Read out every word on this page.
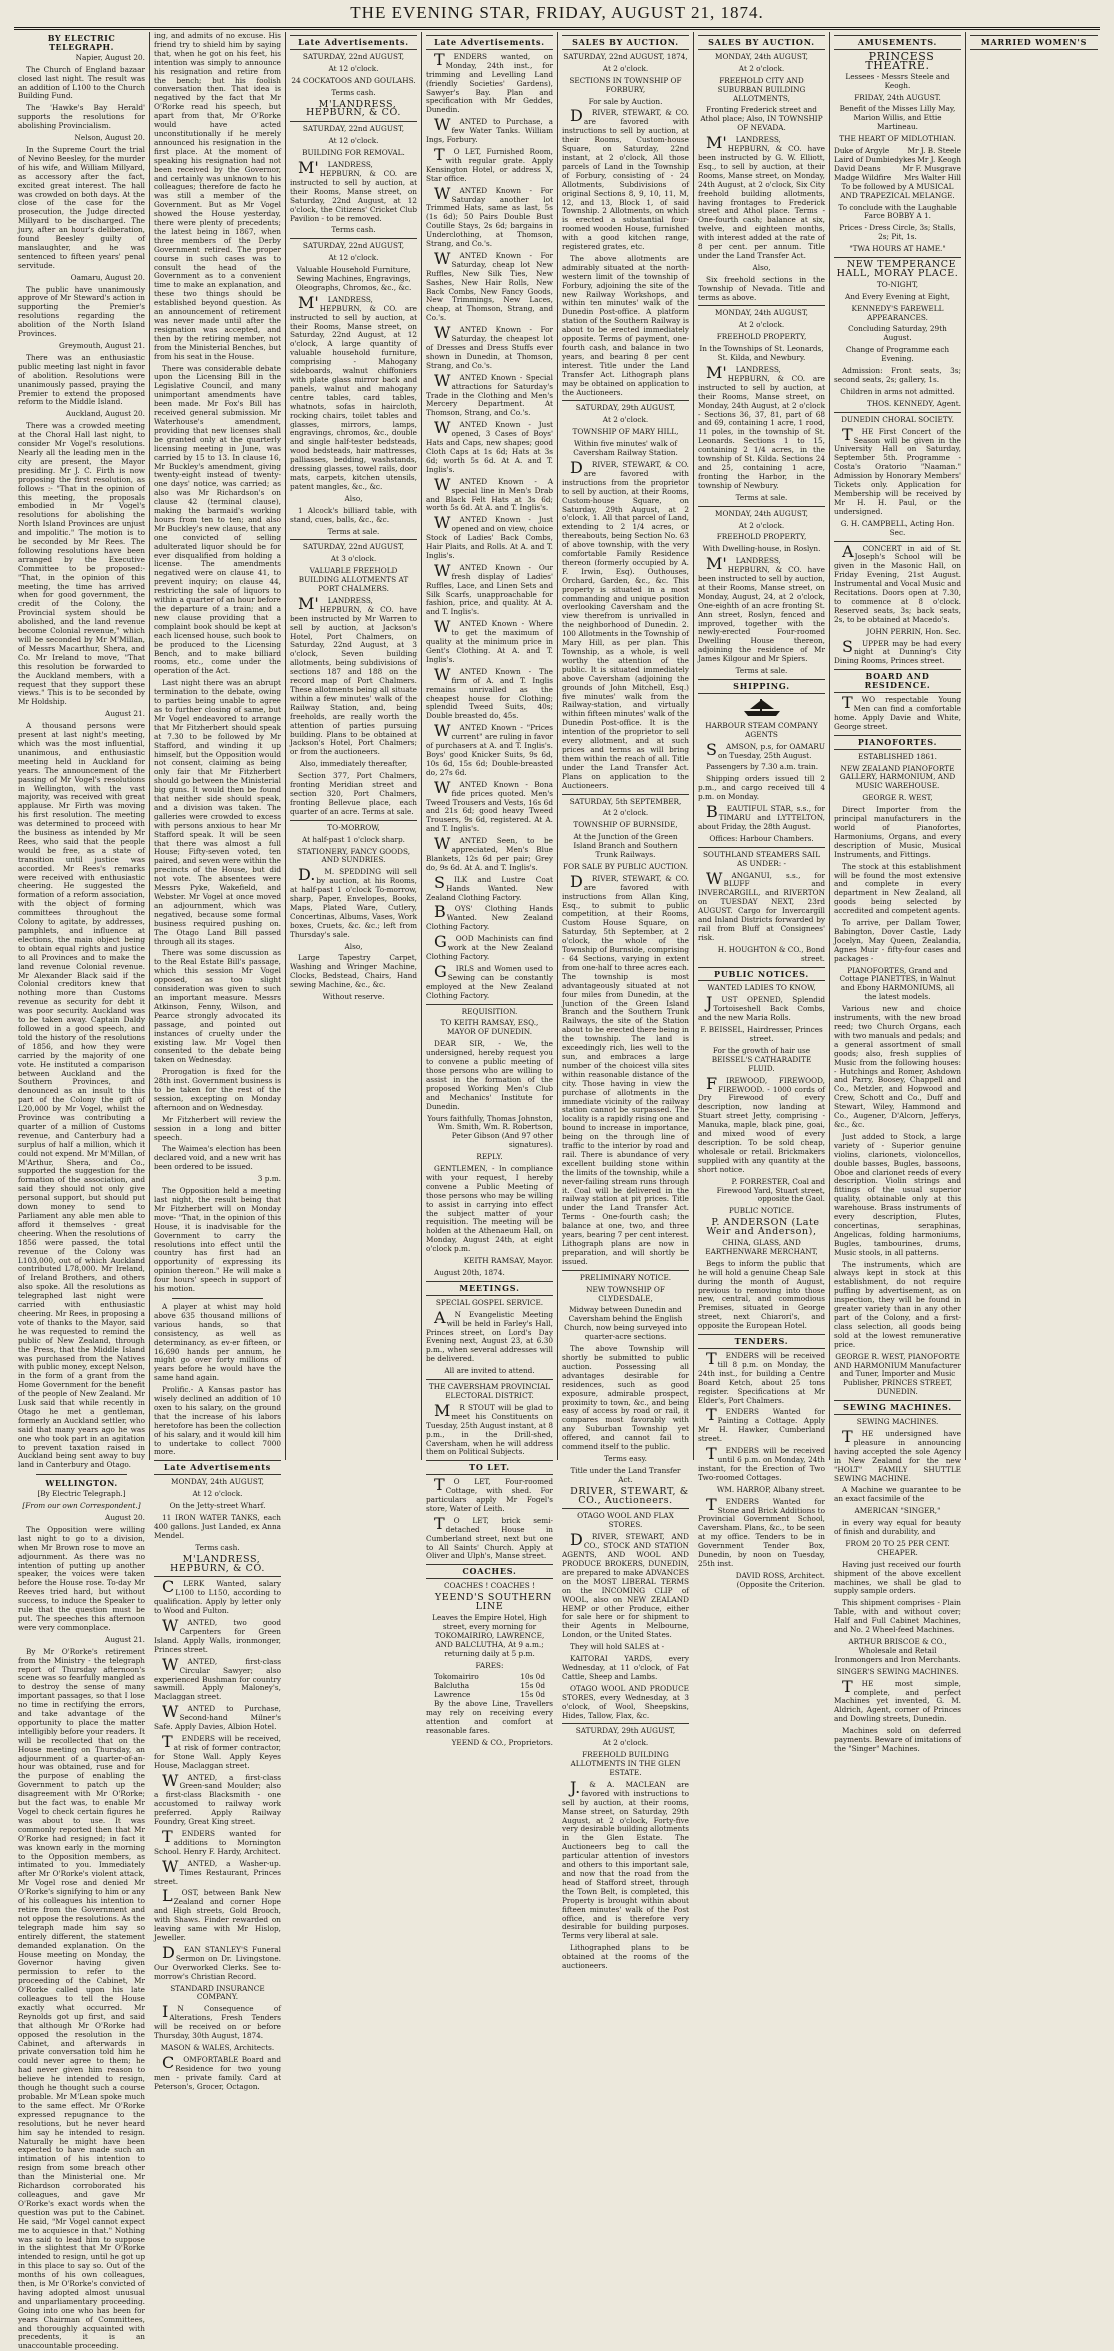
THE EVENING STAR, FRIDAY, AUGUST 21, 1874.
BY ELECTRIC TELEGRAPH.

Napier, August 20.

The Church of England bazaar closed last night. The result was an addition of L100 to the Church Building Fund.

The 'Hawke's Bay Herald' supports the resolutions for abolishing Provincialism.

Nelson, August 20.

In the Supreme Court the trial of Nevino Beesley, for the murder of his wife, and William Millyard, as accessory after the fact, excited great interest. The hall was crowded on both days. At the close of the case for the prosecution, the Judge directed Millyard to be discharged. The jury, after an hour's deliberation, found Beesley guilty of manslaughter, and he was sentenced to fifteen years' penal servitude.

Oamaru, August 20.

The public have unanimously approve of Mr Steward's action in supporting the Premier's resolutions regarding the abolition of the North Island Provinces.

Greymouth, August 21.

There was an enthusiastic public meeting last night in favor of abolition. Resolutions were unanimously passed, praying the Premier to extend the proposed reform to the Middle Island.

Auckland, August 20.

There was a crowded meeting at the Choral Hall last night, to consider Mr Vogel's resolutions. Nearly all the leading men in the city are present, the Mayor presiding. Mr J. C. Firth is now proposing the first resolution, as follows :- "That in the opinion of this meeting, the proposals embodied in Mr Vogel's resolutions for abolishing the North Island Provinces are unjust and impolitic." The motion is to be seconded by Mr Rees. The following resolutions have been arranged by the Executive Committee to be proposed:- "That, in the opinion of this meeting, the time has arrived when for good government, the credit of the Colony, the Provincial system should be abolished, and the land revenue become Colonial revenue," which will be seconded by Mr M'Millan, of Messrs Macarthur, Shera, and Co. Mr Ireland to move, "That this resolution be forwarded to the Auckland members, with a request that they support these views." This is to be seconded by Mr Holdship.

August 21.

A thousand persons were present at last night's meeting, which was the most influential, unanimous, and enthusiastic meeting held in Auckland for years. The announcement of the passing of Mr Vogel's resolutions in Wellington, with the vast majority, was received with great applause. Mr Firth was moving his first resolution. The meeting was determined to proceed with the business as intended by Mr Rees, who said that the people would be free, as a state of transition until justice was accorded. Mr Rees's remarks were received with enthusiastic cheering. He suggested the formation of a reform association, with the object of forming committees throughout the Colony to agitate, by addresses, pamphlets, and influence at elections, the main object being to obtain equal rights and justice to all Provinces and to make the land revenue Colonial revenue. Mr Alexander Black said if the Colonial creditors knew that nothing more than Customs revenue as security for debt it was poor security. Auckland was to be taken away. Captain Daldy followed in a good speech, and told the history of the resolutions of 1856, and how they were carried by the majority of one vote. He instituted a comparison between Auckland and the Southern Provinces, and denounced as an insult to this part of the Colony the gift of L20,000 by Mr Vogel, whilst the Province was contributing a quarter of a million of Customs revenue, and Canterbury had a surplus of half a million, which it could not expend. Mr M'Millan, of M'Arthur, Shera, and Co., supported the suggestion for the formation of the association, and said they should not only give personal support, but should put down money to send to Parliament any able men able to afford it themselves - great cheering. When the resolutions of 1856 were passed, the total revenue of the Colony was L103,000, out of which Auckland contributed L78,000. Mr Ireland, of Ireland Brothers, and others also spoke. All the resolutions as telegraphed last night were carried with enthusiastic cheering. Mr Rees, in proposing a vote of thanks to the Mayor, said he was requested to remind the public of New Zealand, through the Press, that the Middle Island was purchased from the Natives with public money, except Nelson, in the form of a grant from the Home Government for the benefit of the people of New Zealand. Mr Lusk said that while recently in Otago he met a gentleman, formerly an Auckland settler, who said that many years ago he was one who took part in an agitation to prevent taxation raised in Auckland being sent away to buy land in Canterbury and Otago.

WELLINGTON.

[By Electric Telegraph.]

[From our own Correspondent.]

August 20.

The Opposition were willing last night to go to a division, when Mr Brown rose to move an adjournment. As there was no intention of putting up another speaker, the voices were taken before the House rose. To-day Mr Reeves tried hard, but without success, to induce the Speaker to rule that the question must be put. The speeches this afternoon were very commonplace.

August 21.

By Mr O'Rorke's retirement from the Ministry - the telegraph report of Thursday afternoon's scene was so fearfully mangled as to destroy the sense of many important passages, so that I lose no time in rectifying the errors, and take advantage of the opportunity to place the matter intelligibly before your readers. It will be recollected that on the House meeting on Thursday, an adjournment of a quarter-of-an-hour was obtained, ruse and for the purpose of enabling the Government to patch up the disagreement with Mr O'Rorke; but the fact was, to enable Mr Vogel to check certain figures he was about to use. It was commonly reported then that Mr O'Rorke had resigned; in fact it was known early in the morning to the Opposition members, as intimated to you. Immediately after Mr O'Rorke's violent attack, Mr Vogel rose and denied Mr O'Rorke's signifying to him or any of his colleagues his intention to retire from the Government and not oppose the resolutions. As the telegraph made him say so entirely different, the statement demanded explanation. On the House meeting on Monday, the Governor having given permission to refer to the proceeding of the Cabinet, Mr O'Rorke called upon his late colleagues to tell the House exactly what occurred. Mr Reynolds got up first, and said that although Mr O'Rorke had opposed the resolution in the Cabinet, and afterwards in private conversation told him he could never agree to them; he had never given him reason to believe he intended to resign, though he thought such a course probable. Mr M'Lean spoke much to the same effect. Mr O'Rorke expressed repugnance to the resolutions, but he never heard him say he intended to resign. Naturally he might have been expected to have made such an intimation of his intention to resign from some breach other than the Ministerial one. Mr Richardson corroborated his colleagues, and gave Mr O'Rorke's exact words when the question was put to the Cabinet. He said, "Mr Vogel cannot expect me to acquiesce in that." Nothing was said to lead him to suppose in the slightest that Mr O'Rorke intended to resign, until he got up in this place to say so. Out of the months of his own colleagues, then, is Mr O'Rorke's convicted of having adopted almost unusual and unparliamentary proceeding. Going into one who has been for years Chairman of Committees, and thoroughly acquainted with precedents, it is an unaccountable proceeding.

ing, and admits of no excuse. His friend try to shield him by saying that, when he got on his feet, his intention was simply to announce his resignation and retire from the bench; but his foolish conversation then. That idea is negatived by the fact that Mr O'Rorke read his speech, but apart from that, Mr O'Rorke would have acted unconstitutionally if he merely announced his resignation in the first place. At the moment of speaking his resignation had not been received by the Governor, and certainly was unknown to his colleagues; therefore de facto he was still a member of the Government. But as Mr Vogel showed the House yesterday, there were plenty of precedents; the latest being in 1867, when three members of the Derby Government retired. The proper course in such cases was to consult the head of the Government as to a convenient time to make an explanation, and these two things should be established beyond question. As an announcement of retirement was never made until after the resignation was accepted, and then by the retiring member, not from the Ministerial Benches, but from his seat in the House.

There was considerable debate upon the Licensing Bill in the Legislative Council, and many unimportant amendments have been made. Mr Fox's Bill has received general submission. Mr Waterhouse's amendment, providing that new licenses shall be granted only at the quarterly licensing meeting in June, was carried by 15 to 13. In clause 16, Mr Buckley's amendment, giving twenty-eight instead of twenty-one days' notice, was carried; as also was Mr Richardson's on clause 42 (terminal clause), making the barmaid's working hours from ten to ten; and also Mr Buckley's new clause, that any one convicted of selling adulterated liquor should be for ever disqualified from holding a license. The amendments negatived were on clause 41, to prevent inquiry; on clause 44, restricting the sale of liquors to within a quarter of an hour before the departure of a train; and a new clause providing that a complaint book should be kept at each licensed house, such book to be produced to the Licensing Bench, and to make billiard rooms, etc., come under the operation of the Act.

Last night there was an abrupt termination to the debate, owing to parties being unable to agree as to further closing of same, but Mr Vogel endeavored to arrange that Mr Fitzherbert should speak at 7.30 to be followed by Mr Stafford, and winding it up himself, but the Opposition would not consent, claiming as being only fair that Mr Fitzherbert should go between the Ministerial big guns. It would then be found that neither side should speak, and a division was taken. The galleries were crowded to excess with persons anxious to hear Mr Stafford speak. It will be seen that there was almost a full House; Fifty-seven voted, ten paired, and seven were within the precincts of the House, but did not vote. The absentees were Messrs Pyke, Wakefield, and Webster. Mr Vogel at once moved an adjournment, which was negatived, because some formal business required pushing on. The Otago Land Bill passed through all its stages.

There was some discussion as to the Real Estate Bill's passage, which this session Mr Vogel opposed, as too slight consideration was given to such an important measure. Messrs Atkinson, Fenny, Wilson, and Pearce strongly advocated its passage, and pointed out instances of cruelty under the existing law. Mr Vogel then consented to the debate being taken on Wednesday.

Prorogation is fixed for the 28th inst. Government business is to be taken for the rest of the session, excepting on Monday afternoon and on Wednesday.

Mr Fitzherbert will review the session in a long and bitter speech.

The Waimea's election has been declared void, and a new writ has been ordered to be issued.

3 p.m.

The Opposition held a meeting last night, the result being that Mr Fitzherbert will on Monday move- "That, in the opinion of this House, it is inadvisable for the Government to carry the resolutions into effect until the country has first had an opportunity of expressing its opinion thereon." He will make a four hours' speech in support of his motion.

A player at whist may hold above 635 thousand millions of various hands, so that consistency, as well as determinancy, as ev-er fifteen, or 16,690 hands per annum, he might go over forty millions of years before he would have the same hand again.

Prolific.- A Kansas pastor has wisely declined an addition of 10 oxen to his salary, on the ground that the increase of his labors heretofore has been the collection of his salary, and it would kill him to undertake to collect 7000 more.

Late Advertisements

MONDAY, 24th AUGUST,

At 12 o'clock.

On the Jetty-street Wharf.

11 IRON WATER TANKS, each 400 gallons. Just Landed, ex Anna Mendel.

Terms cash.

M'LANDRESS, HEPBURN, & CO.

CLERK Wanted, salary L100 to L150, according to qualification. Apply by letter only to Wood and Fulton.

WANTED, two good Carpenters for Green Island. Apply Walls, ironmonger, Princes street.

WANTED, first-class Circular Sawyer; also experienced Bushman for country sawmill. Apply Maloney's, Maclaggan street.

WANTED to Purchase, Second-hand Milner's Safe. Apply Davies, Albion Hotel.

TENDERS will be received, at risk of former contractor, for Stone Wall. Apply Keyes House, Maclaggan street.

WANTED, a first-class Green-sand Moulder; also a first-class Blacksmith - one accustomed to railway work preferred. Apply Railway Foundry, Great King street.

TENDERS wanted for additions to Mornington School. Henry F. Hardy, Architect.

WANTED, a Washer-up. Times Restaurant, Princes street.

LOST, between Bank New Zealand and corner Hope and High streets, Gold Brooch, with Shaws. Finder rewarded on leaving same with Mr Hislop, Jeweller.

DEAN STANLEY'S Funeral Sermon on Dr. Livingstone. Our Overworked Clerks. See to-morrow's Christian Record.

STANDARD INSURANCE COMPANY.

IN Consequence of Alterations, Fresh Tenders will be received on or before Thursday, 30th August, 1874.

MASON & WALES, Architects.

COMFORTABLE Board and Residence for two young men - private family. Card at Peterson's, Grocer, Octagon.

Late Advertisements.

SATURDAY, 22nd AUGUST,

At 12 o'clock.

24 COCKATOOS AND GOULAHS.

Terms cash.

M'LANDRESS, HEPBURN, & CO.

SATURDAY, 22nd AUGUST,

At 12 o'clock.

BUILDING FOR REMOVAL.

M'LANDRESS, HEPBURN, & CO. are instructed to sell by auction, at their Rooms, Manse street, on Saturday, 22nd August, at 12 o'clock, the Citizens' Cricket Club Pavilion - to be removed.

Terms cash.

SATURDAY, 22nd AUGUST,

At 12 o'clock.

Valuable Household Furniture, Sewing Machines, Engravings, Oleographs, Chromos, &c., &c.

M'LANDRESS, HEPBURN, & CO. are instructed to sell by auction, at their Rooms, Manse street, on Saturday, 22nd August, at 12 o'clock, A large quantity of valuable household furniture, comprising - Mahogany sideboards, walnut chiffoniers with plate glass mirror back and panels, walnut and mahogany centre tables, card tables, whatnots, sofas in haircloth, rocking chairs, toilet tables and glasses, mirrors, lamps, engravings, chromos, &c., double and single half-tester bedsteads, wood bedsteads, hair mattresses, palliasses, bedding, washstands, dressing glasses, towel rails, door mats, carpets, kitchen utensils, patent mangles, &c., &c.

Also,

1 Alcock's billiard table, with stand, cues, balls, &c., &c.

Terms at sale.

SATURDAY, 22nd AUGUST,

At 3 o'clock.

VALUABLE FREEHOLD BUILDING ALLOTMENTS AT PORT CHALMERS.

M'LANDRESS, HEPBURN, & CO. have been instructed by Mr Warren to sell by auction, at Jackson's Hotel, Port Chalmers, on Saturday, 22nd August, at 3 o'clock, Seven building allotments, being subdivisions of sections 187 and 188 on the record map of Port Chalmers. These allotments being all situate within a few minutes' walk of the Railway Station, and, being freeholds, are really worth the attention of parties pursuing building. Plans to be obtained at Jackson's Hotel, Port Chalmers; or from the auctioneers.

Also, immediately thereafter,

Section 377, Port Chalmers, fronting Meridian street and section 320, Port Chalmers, fronting Bellevue place, each quarter of an acre. Terms at sale.

TO-MORROW,

At half-past 1 o'clock sharp.

STATIONERY, FANCY GOODS, AND SUNDRIES.

D.M. SPEDDING will sell by auction, at his Rooms, at half-past 1 o'clock To-morrow, sharp, Paper, Envelopes, Books, Maps, Plated Ware, Cutlery, Concertinas, Albums, Vases, Work boxes, Cruets, &c. &c.; left from Thursday's sale.

Also,

Large Tapestry Carpet, Washing and Wringer Machine, Clocks, Bedstead, Chairs, Hand sewing Machine, &c., &c.

Without reserve.

Late Advertisements.

TENDERS wanted, on Monday, 24th inst., for trimming and Levelling Land (friendly Societies' Gardens), Sawyer's Bay. Plan and specification with Mr Geddes, Dunedin.

WANTED to Purchase, a few Water Tanks. William Ings, Forbury.

TO LET, Furnished Room, with regular grate. Apply Kensington Hotel, or address X, Star office.

WANTED Known - For Saturday another lot Trimmed Hats, same as last, 5s (1s 6d); 50 Pairs Double Bust Coutille Stays, 2s 6d; bargains in Underclothing, at Thomson, Strang, and Co.'s.

WANTED Known - For Saturday, cheap lot New Ruffles, New Silk Ties, New Sashes, New Hair Rolls, New Back Combs, New Fancy Goods, New Trimmings, New Laces, cheap, at Thomson, Strang, and Co.'s.

WANTED Known - For Saturday, the cheapest lot of Dresses and Dress Stuffs ever shown in Dunedin, at Thomson, Strang, and Co.'s.

WANTED Known - Special attractions for Saturday's Trade in the Clothing and Men's Mercery Department. At Thomson, Strang, and Co.'s.

WANTED Known - Just opened, 3 Cases of Boys' Hats and Caps, new shapes; good Cloth Caps at 1s 6d; Hats at 3s 6d; worth 5s 6d. At A. and T. Inglis's.

WANTED Known - A special line in Men's Drab and Black Felt Hats at 3s 6d; worth 5s 6d. At A. and T. Inglis's.

WANTED Known - Just opened and on view, choice Stock of Ladies' Back Combs, Hair Plaits, and Rolls. At A. and T. Inglis's.

WANTED Known - Our fresh display of Ladies' Ruffles, Lace, and Linen Sets and Silk Scarfs, unapproachable for fashion, price, and quality. At A. and T. Inglis's.

WANTED Known - Where to get the maximum of quality at the minimum price in Gent's Clothing. At A. and T. Inglis's.

WANTED Known - The firm of A. and T. Inglis remains unrivalled as the cheapest house for Clothing; splendid Tweed Suits, 40s; Double breasted do, 45s.

WANTED Known - "Prices current" are ruling in favor of purchasers at A. and T. Inglis's. Boys' good Knicker Suits, 9s 6d, 10s 6d, 15s 6d; Double-breasted do, 27s 6d.

WANTED Known - Bona fide prices quoted. Men's Tweed Trousers and Vests, 16s 6d and 21s 6d; good heavy Tweed Trousers, 9s 6d, registered. At A. and T. Inglis's.

WANTED Seen, to be appreciated, Men's Blue Blankets, 12s 6d per pair; Grey do, 9s 6d. At A. and T. Inglis's.

SILK and Lustre Coat Hands Wanted. New Zealand Clothing Factory.

BOYS' Clothing Hands Wanted. New Zealand Clothing Factory.

GOOD Machinists can find work at the New Zealand Clothing Factory.

GIRLS and Women used to Sewing can be constantly employed at the New Zealand Clothing Factory.

REQUISITION.

TO KEITH RAMSAY, ESQ., MAYOR OF DUNEDIN.

DEAR SIR, - We, the undersigned, hereby request you to convene a public meeting of those persons who are willing to assist in the formation of the proposed Working Men's Club and Mechanics' Institute for Dunedin.

Yours faithfully, Thomas Johnston, Wm. Smith, Wm. R. Robertson, Peter Gibson (And 97 other signatures).

REPLY.

GENTLEMEN, - In compliance with your request, I hereby convene a Public Meeting of those persons who may be willing to assist in carrying into effect the subject matter of your requisition. The meeting will be holden at the Athenaeum Hall, on Monday, August 24th, at eight o'clock p.m.

KEITH RAMSAY, Mayor.

August 20th, 1874.

MEETINGS.

SPECIAL GOSPEL SERVICE.

AN Evangelistic Meeting will be held in Farley's Hall, Princes street, on Lord's Day Evening next, August 23, at 6.30 p.m., when several addresses will be delivered.

All are invited to attend.

THE CAVERSHAM PROVINCIAL ELECTORAL DISTRICT.

MR STOUT will be glad to meet his Constituents on Tuesday, 25th August instant, at 8 p.m., in the Drill-shed, Caversham, when he will address them on Political Subjects.

TO LET.

TO LET, Four-roomed Cottage, with shed. For particulars apply Mr Fogel's store, Water of Leith.

TO LET, brick semi-detached House in Cumberland street, next but one to All Saints' Church. Apply at Oliver and Ulph's, Manse street.

COACHES.

COACHES ! COACHES !

YEEND'S SOUTHERN LINE

Leaves the Empire Hotel, High street, every morning for TOKOMAIRIRO, LAWRENCE, AND BALCLUTHA, At 9 a.m.; returning daily at 5 p.m.

FARES:

Tokomairiro	10s 0d
Balclutha	15s 0d
Lawrence	15s 0d

By the above Line, Travellers may rely on receiving every attention and comfort at reasonable fares.

YEEND & CO., Proprietors.

SALES BY AUCTION.

SATURDAY, 22nd AUGUST, 1874,

At 2 o'clock.

SECTIONS IN TOWNSHIP OF FORBURY,

For sale by Auction.

DRIVER, STEWART, & CO. are favored with instructions to sell by auction, at their Rooms, Custom-house Square, on Saturday, 22nd instant, at 2 o'clock, All those parcels of Land in the Township of Forbury, consisting of - 24 Allotments, Subdivisions of original Sections 8, 9, 10, 11, M, 12, and 13, Block 1, of said Township. 2 Allotments, on which is erected a substantial four-roomed wooden House, furnished with a good kitchen range, registered grates, etc.

The above allotments are admirably situated at the north-western limit of the township of Forbury, adjoining the site of the new Railway Workshops, and within ten minutes' walk of the Dunedin Post-office. A platform station of the Southern Railway is about to be erected immediately opposite. Terms of payment, one-fourth cash, and balance in two years, and bearing 8 per cent interest. Title under the Land Transfer Act. Lithograph plans may be obtained on application to the Auctioneers.

SATURDAY, 29th AUGUST,

At 2 o'clock.

TOWNSHIP OF MARY HILL,

Within five minutes' walk of Caversham Railway Station.

DRIVER, STEWART, & CO. are favored with instructions from the proprietor to sell by auction, at their Rooms, Custom-house Square, on Saturday, 29th August, at 2 o'clock, 1. All that parcel of Land, extending to 2 1/4 acres, or thereabouts, being Section No. 63 of above township, with the very comfortable Family Residence thereon (formerly occupied by A. F. Irwin, Esq). Outhouses, Orchard, Garden, &c., &c. This property is situated in a most commanding and unique position overlooking Caversham and the view therefrom is unrivalled in the neighborhood of Dunedin. 2. 100 Allotments in the Township of Mary Hill, as per plan. This Township, as a whole, is well worthy the attention of the public. It is situated immediately above Caversham (adjoining the grounds of John Mitchell, Esq.) five minutes' walk from the Railway-station, and virtually within fifteen minutes' walk of the Dunedin Post-office. It is the intention of the proprietor to sell every allotment, and at such prices and terms as will bring them within the reach of all. Title under the Land Transfer Act. Plans on application to the Auctioneers.

SATURDAY, 5th SEPTEMBER,

At 2 o'clock.

TOWNSHIP OF BURNSIDE,

At the Junction of the Green Island Branch and Southern Trunk Railways.

FOR SALE BY PUBLIC AUCTION.

DRIVER, STEWART, & CO. are favored with instructions from Allan King, Esq., to submit to public competition, at their Rooms, Custom House Square, on Saturday, 5th September, at 2 o'clock, the whole of the Township of Burnside, comprising - 64 Sections, varying in extent from one-half to three acres each. The township is most advantageously situated at not four miles from Dunedin, at the Junction of the Green Island Branch and the Southern Trunk Railways, the site of the Station about to be erected there being in the township. The land is exceedingly rich, lies well to the sun, and embraces a large number of the choicest villa sites within reasonable distance of the city. Those having in view the purchase of allotments in the immediate vicinity of the railway station cannot be surpassed. The locality is a rapidly rising one and bound to increase in importance, being on the through line of traffic to the interior by road and rail. There is abundance of very excellent building stone within the limits of the township, while a never-failing stream runs through it. Coal will be delivered in the railway station at pit prices. Title under the Land Transfer Act. Terms - One-fourth cash; the balance at one, two, and three years, bearing 7 per cent interest. Lithograph plans are now in preparation, and will shortly be issued.

PRELIMINARY NOTICE.

NEW TOWNSHIP OF CLYDESDALE,

Midway between Dunedin and Caversham behind the English Church, now being surveyed into quarter-acre sections.

The above Township will shortly be submitted to public auction. Possessing all advantages desirable for residences, such as good exposure, admirable prospect, proximity to town, &c., and being easy of access by road or rail, it compares most favorably with any Suburban Township yet offered, and cannot fail to commend itself to the public.

Terms easy.

Title under the Land Transfer Act.

DRIVER, STEWART, & CO., Auctioneers.

OTAGO WOOL AND FLAX STORES.

DRIVER, STEWART, AND CO., STOCK AND STATION AGENTS, AND WOOL AND PRODUCE BROKERS, DUNEDIN, are prepared to make ADVANCES on the MOST LIBERAL TERMS on the INCOMING CLIP of WOOL, also on NEW ZEALAND HEMP or other Produce, either for sale here or for shipment to their Agents in Melbourne, London, or the United States.

They will hold SALES at -

KAITORAI YARDS, every Wednesday, at 11 o'clock, of Fat Cattle, Sheep and Lambs.

OTAGO WOOL AND PRODUCE STORES, every Wednesday, at 3 o'clock, of Wool, Sheepskins, Hides, Tallow, Flax, &c.

SATURDAY, 29th AUGUST,

At 2 o'clock.

FREEHOLD BUILDING ALLOTMENTS IN THE GLEN ESTATE.

J.& A. MACLEAN are favored with instructions to sell by auction, at their rooms, Manse street, on Saturday, 29th August, at 2 o'clock, Forty-five very desirable building allotments in the Glen Estate. The Auctioneers beg to call the particular attention of investors and others to this important sale, and now that the road from the head of Stafford street, through the Town Belt, is completed, this Property is brought within about fifteen minutes' walk of the Post office, and is therefore very desirable for building purposes. Terms very liberal at sale.

Lithographed plans to be obtained at the rooms of the auctioneers.

SALES BY AUCTION.

MONDAY, 24th AUGUST,

At 2 o'clock.

FREEHOLD CITY AND SUBURBAN BUILDING ALLOTMENTS,

Fronting Frederick street and Athol place; Also, IN TOWNSHIP OF NEVADA.

M'LANDRESS, HEPBURN, & CO. have been instructed by G. W. Elliott, Esq., to sell by auction, at their Rooms, Manse street, on Monday, 24th August, at 2 o'clock, Six City freehold building allotments, having frontages to Frederick street and Athol place. Terms - One-fourth cash; balance at six, twelve, and eighteen months, with interest added at the rate of 8 per cent. per annum. Title under the Land Transfer Act.

Also,

Six freehold sections in the Township of Nevada. Title and terms as above.

MONDAY, 24th AUGUST,

At 2 o'clock.

FREEHOLD PROPERTY,

In the Townships of St. Leonards, St. Kilda, and Newbury.

M'LANDRESS, HEPBURN, & CO. are instructed to sell by auction, at their Rooms, Manse street, on Monday, 24th August, at 2 o'clock - Sections 36, 37, 81, part of 68 and 69, containing 1 acre, 1 rood, 11 poles, in the township of St. Leonards. Sections 1 to 15, containing 2 1/4 acres, in the township of St. Kilda. Sections 24 and 25, containing 1 acre, fronting the Harbor, in the township of Newbury.

Terms at sale.

MONDAY, 24th AUGUST,

At 2 o'clock.

FREEHOLD PROPERTY,

With Dwelling-house, in Roslyn.

M'LANDRESS, HEPBURN, & CO. have been instructed to sell by auction, at their Rooms, Manse street, on Monday, August, 24, at 2 o'clock, One-eighth of an acre fronting St. Ann street, Roslyn, fenced and improved, together with the newly-erected Four-roomed Dwelling House thereon, adjoining the residence of Mr James Kilgour and Mr Spiers.

Terms at sale.

SHIPPING.

HARBOUR STEAM COMPANY AGENTS

SAMSON, p.s, for OAMARU on Tuesday, 25th August.

Passengers by 7.30 a.m. train.

Shipping orders issued till 2 p.m., and cargo received till 4 p.m. on Monday.

BEAUTIFUL STAR, s.s., for TIMARU and LYTTELTON, about Friday, the 28th August.

Offices: Harbour Chambers.

SOUTHLAND STEAMERS SAIL AS UNDER: -

WANGANUI, s.s., for BLUFF and INVERCARGILL, and RIVERTON on TUESDAY NEXT, 23rd AUGUST. Cargo for Invercargill and Inland Districts forwarded by rail from Bluff at Consignees' risk.

H. HOUGHTON & CO., Bond street.

PUBLIC NOTICES.

WANTED LADIES TO KNOW,

JUST OPENED, Splendid Tortoiseshell Back Combs, and the new Maria Rolls.

F. BEISSEL, Hairdresser, Princes street.

For the growth of hair use BEISSEL'S CATHARADITE FLUID.

FIREWOOD, FIREWOOD, FIREWOOD. - 1000 cords of Dry Firewood of every description, now landing at Stuart street Jetty, comprising - Manuka, maple, black pine, goai, and mixed wood of every description. To be sold cheap, wholesale or retail. Brickmakers supplied with any quantity at the short notice.

P. FORRESTER, Coal and Firewood Yard, Stuart street, opposite the Gaol.

PUBLIC NOTICE.

P. ANDERSON (Late Weir and Anderson),

CHINA, GLASS, AND EARTHENWARE MERCHANT,

Begs to inform the public that he will hold a genuine Cheap Sale during the month of August, previous to removing into those new, central, and commodious Premises, situated in George street, next Chiarori's, and opposite the European Hotel.

TENDERS.

TENDERS will be received till 8 p.m. on Monday, the 24th inst., for building a Centre Board Ketch, about 25 tons register. Specifications at Mr Elder's, Port Chalmers.

TENDERS Wanted for Painting a Cottage. Apply Mr H. Hawker, Cumberland street.

TENDERS will be received until 6 p.m. on Monday, 24th instant, for the Erection of Two Two-roomed Cottages.

WM. HARROP, Albany street.

TENDERS Wanted for Stone and Brick Additions to Provincial Government School, Caversham. Plans, &c., to be seen at my office. Tenders to be in Government Tender Box, Dunedin, by noon on Tuesday, 25th inst.

DAVID ROSS, Architect. (Opposite the Criterion.

AMUSEMENTS.

PRINCESS THEATRE.

Lessees - Messrs Steele and Keogh.

FRIDAY, 24th AUGUST.

Benefit of the Misses Lilly May, Marion Willis, and Ettie Martineau.

THE HEART OF MIDLOTHIAN.

Duke of Argyle	Mr J. B. Steele
Laird of Dumbiedykes Mr J. Keogh
David Deans	Mr F. Musgrave
Madge Wildfire Mrs Walter Hill

To be followed by A MUSICAL AND TRAPEZICAL MELANGE.

To conclude with the Laughable Farce BOBBY A 1.

Prices - Dress Circle, 3s; Stalls, 2s; Pit, 1s.

"TWA HOURS AT HAME."

NEW TEMPERANCE HALL, MORAY PLACE.

TO-NIGHT,

And Every Evening at Eight,

KENNEDY'S FAREWELL APPEARANCES.

Concluding Saturday, 29th August.

Change of Programme each Evening.

Admission: Front seats, 3s; second seats, 2s; gallery, 1s.

Children in arms not admitted.

THOS. KENNEDY, Agent.

DUNEDIN CHORAL SOCIETY.

THE First Concert of the Season will be given in the University Hall on Saturday, September 5th. Programme - Costa's Oratorio "Naaman." Admission by Honorary Members' Tickets only. Application for Membership will be received by Mr H. H. Paul, or the undersigned.

G. H. CAMPBELL, Acting Hon. Sec.

ACONCERT in aid of St. Joseph's School will be given in the Masonic Hall, on Friday Evening, 21st August. Instrumental and Vocal Music and Recitations. Doors open at 7.30, to commence at 8 o'clock. Reserved seats, 3s; back seats, 2s, to be obtained at Macedo's.

JOHN PERRIN, Hon. Sec.

SUPPER may be had every night at Dunning's City Dining Rooms, Princes street.

BOARD AND RESIDENCE.

TWO respectable Young Men can find a comfortable home. Apply Davie and White, George street.

PIANOFORTES.

ESTABLISHED 1861.

NEW ZEALAND PIANOFORTE GALLERY, HARMONIUM, AND MUSIC WAREHOUSE.

GEORGE R. WEST,

Direct Importer from the principal manufacturers in the world of Pianofortes, Harmoniums, Organs, and every description of Music, Musical Instruments, and Fittings.

The stock at this establishment will be found the most extensive and complete in every department in New Zealand, all goods being selected by accredited and competent agents.

To arrive, per Dallam Tower, Babington, Dover Castle, Lady Jocelyn, May Queen, Zealandia, Agnes Muir - fifty-four cases and packages -

PIANOFORTES, Grand and Cottage PIANETTES, in Walnut and Ebony HARMONIUMS, all the latest models.

Various new and choice instruments, with the new broad reed; two Church Organs, each with two manuals and pedals; and a general assortment of small goods; also, fresh supplies of Music from the following houses: - Hutchings and Romer, Ashdown and Parry, Boosey, Chappell and Co., Metzler, and Hopwood and Crew, Schott and Co., Duff and Stewart, Wiley, Hammond and Co., Augener, D'Alcorn, Jefferys, &c., &c.

Just added to Stock, a large variety of - Superior genuine violins, clarionets, violoncellos, double basses, Bugles, bassoons, Oboe and clarionet reeds of every description. Violin strings and fittings of the usual superior quality, obtainable only at this warehouse. Brass instruments of every description, Flutes, concertinas, seraphinas, Angelicas, folding harmoniums, Bugles, tambourines, drums, Music stools, in all patterns.

The instruments, which are always kept in stock at this establishment, do not require puffing by advertisement, as on inspection, they will be found in greater variety than in any other part of the Colony, and a first-class selection, all goods being sold at the lowest remunerative price.

GEORGE R. WEST, PIANOFORTE AND HARMONIUM Manufacturer and Tuner, Importer and Music Publisher, PRINCES STREET, DUNEDIN.

SEWING MACHINES.

SEWING MACHINES.

THE undersigned have pleasure in announcing having accepted the sole Agency in New Zealand for the new "HOLT" FAMILY SHUTTLE SEWING MACHINE.

A Machine we guarantee to be an exact facsimile of the

AMERICAN "SINGER,"

in every way equal for beauty of finish and durability, and

FROM 20 TO 25 PER CENT. CHEAPER.

Having just received our fourth shipment of the above excellent machines, we shall be glad to supply sample orders.

This shipment comprises - Plain Table, with and without cover; Half and Full Cabinet Machines, and No. 2 Wheel-feed Machines.

ARTHUR BRISCOE & CO., Wholesale and Retail Ironmongers and Iron Merchants.

SINGER'S SEWING MACHINES.

THE most simple, complete, and perfect Machines yet invented, G. M. Aldrich, Agent, corner of Princes and Dowling streets, Dunedin.

Machines sold on deferred payments. Beware of imitations of the "Singer" Machines.

MARRIED WOMEN'S
